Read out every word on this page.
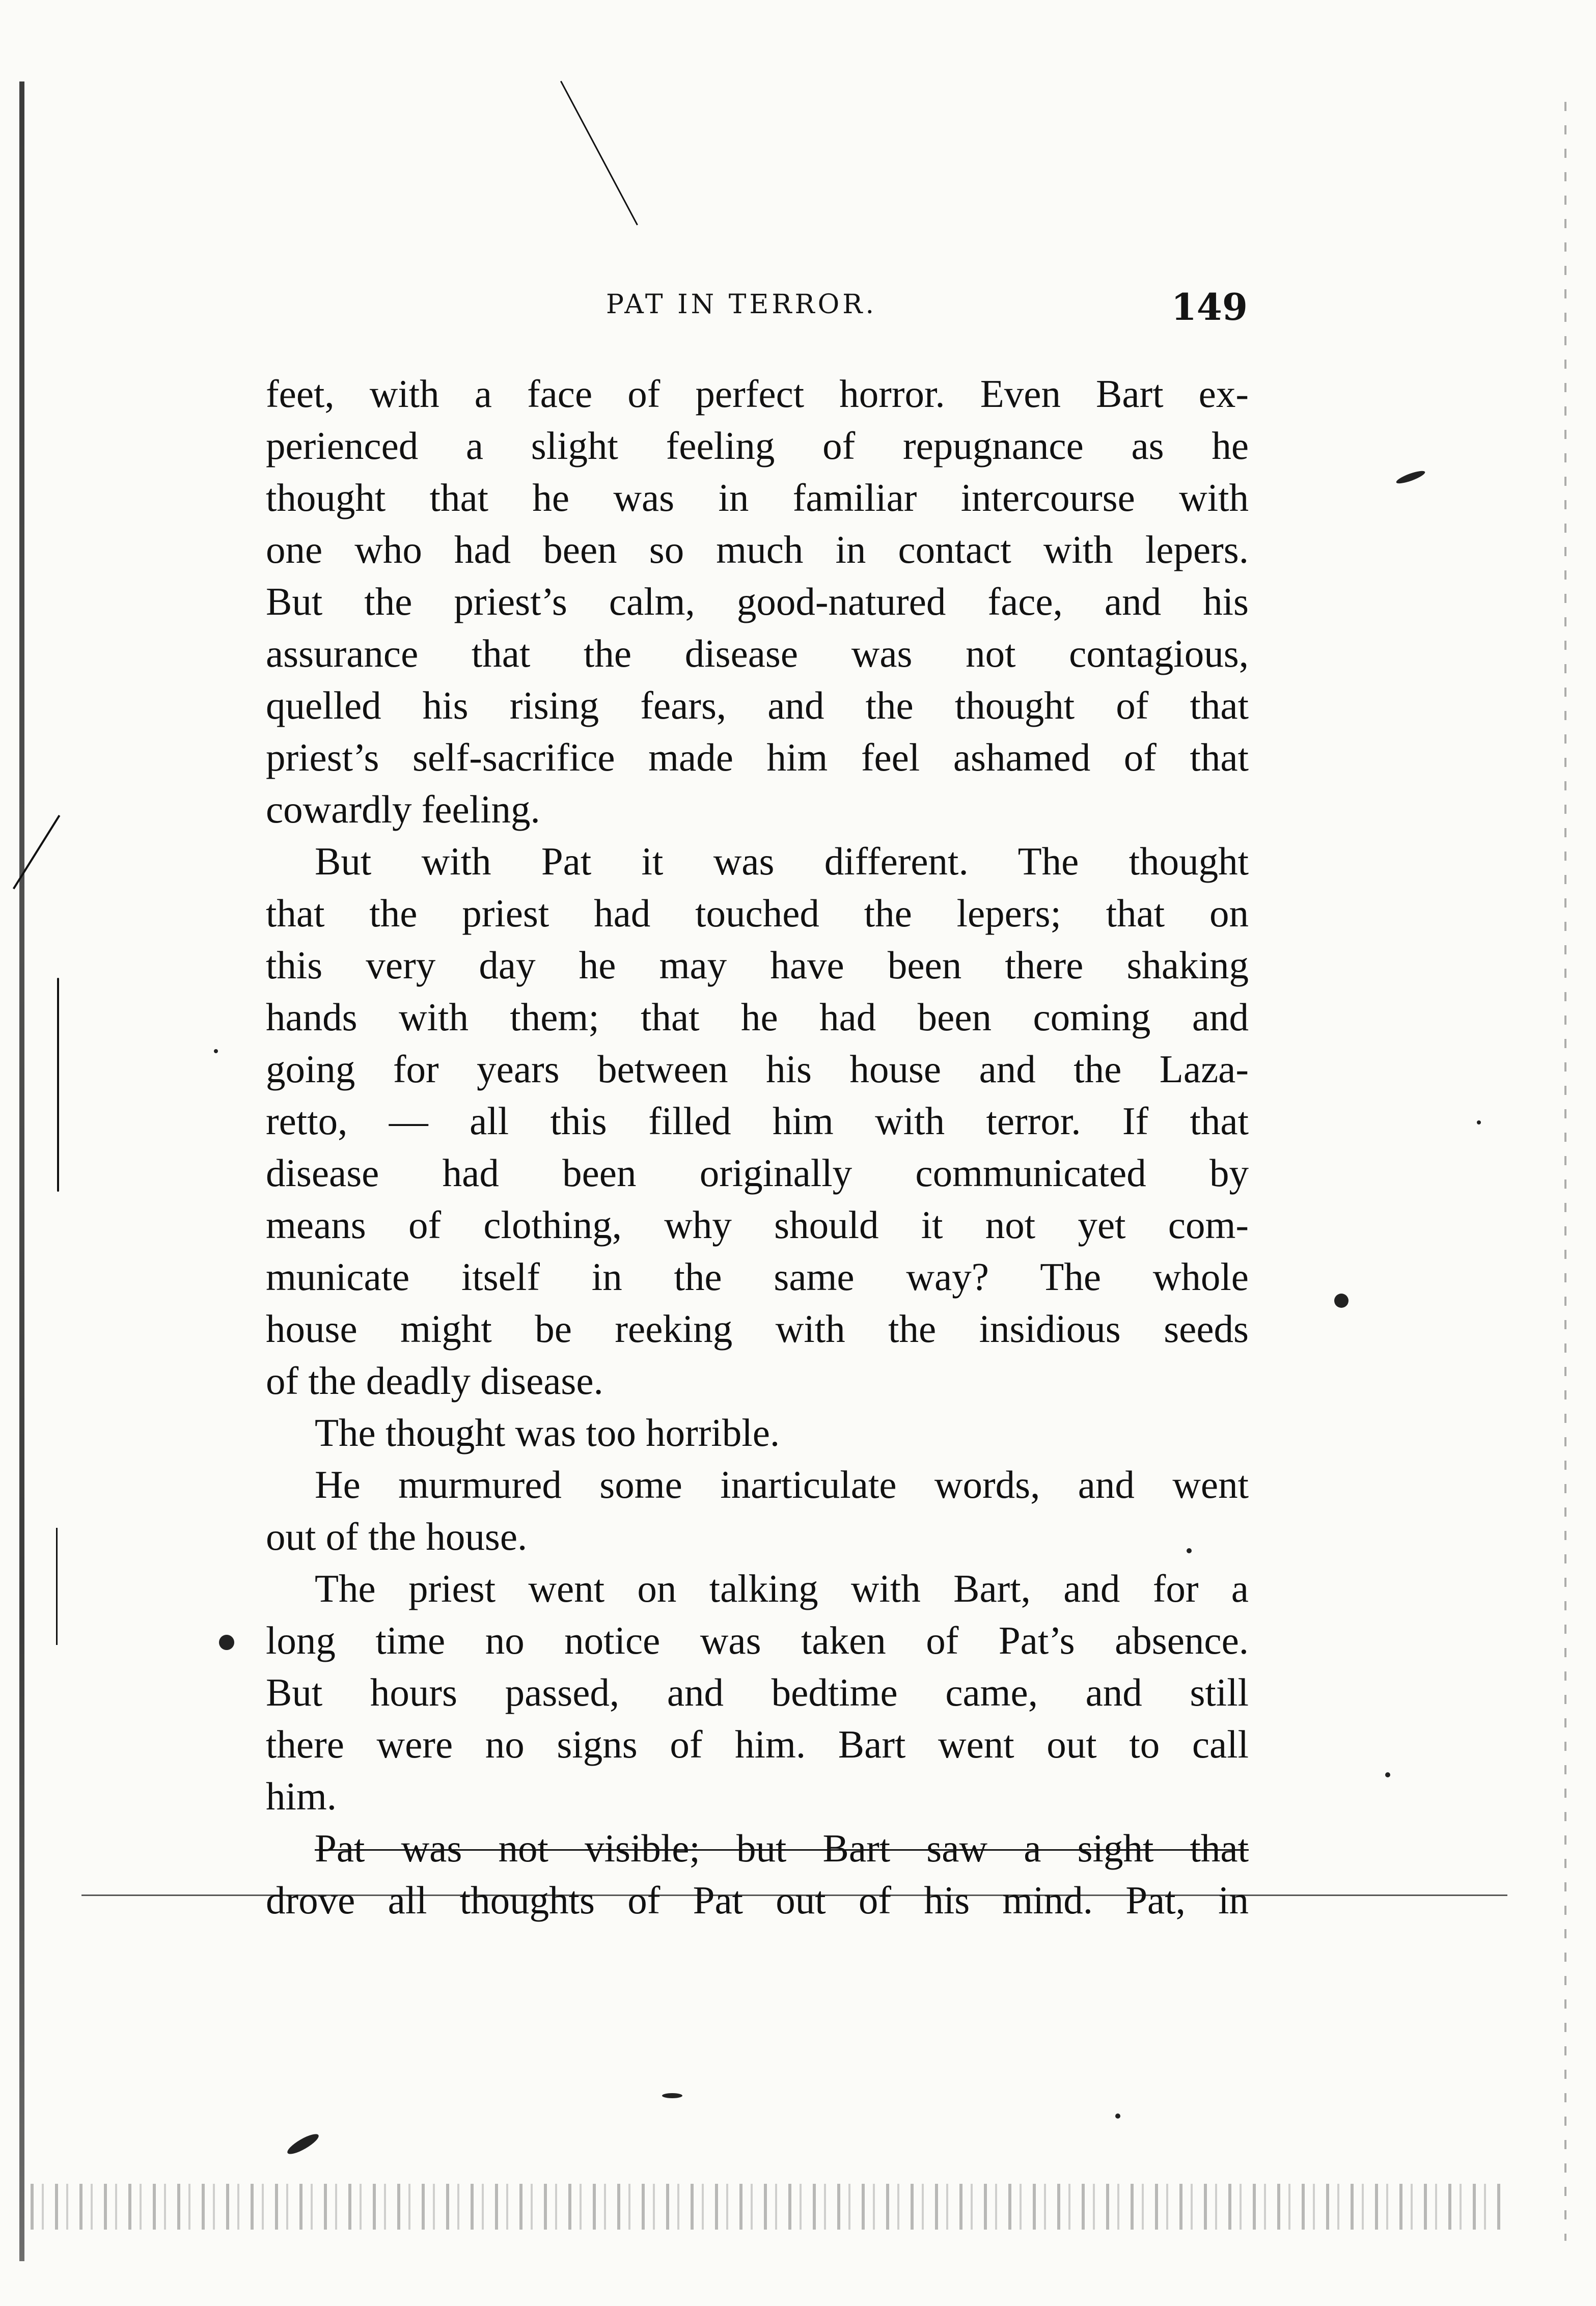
PAT IN TERROR.	149
feet, with a face of perfect horror. Even Bart ex-
perienced a slight feeling of repugnance as he
thought that he was in familiar intercourse with
one who had been so much in contact with lepers.
But the priest’s calm, good-natured face, and his
assurance that the disease was not contagious,
quelled his rising fears, and the thought of that
priest’s self-sacrifice made him feel ashamed of that
cowardly feeling.
But with Pat it was different. The thought
that the priest had touched the lepers; that on
this very day he may have been there shaking
hands with them; that he had been coming and
going for years between his house and the Laza-
retto, — all this filled him with terror. If that
disease had been originally communicated by
means of clothing, why should it not yet com-
municate itself in the same way? The whole
house might be reeking with the insidious seeds
of the deadly disease.
The thought was too horrible.
He murmured some inarticulate words, and went
out of the house.
The priest went on talking with Bart, and for a
long time no notice was taken of Pat’s absence.
But hours passed, and bedtime came, and still
there were no signs of him. Bart went out to call
him.
Pat was not visible; but Bart saw a sight that
drove all thoughts of Pat out of his mind. Pat, in
